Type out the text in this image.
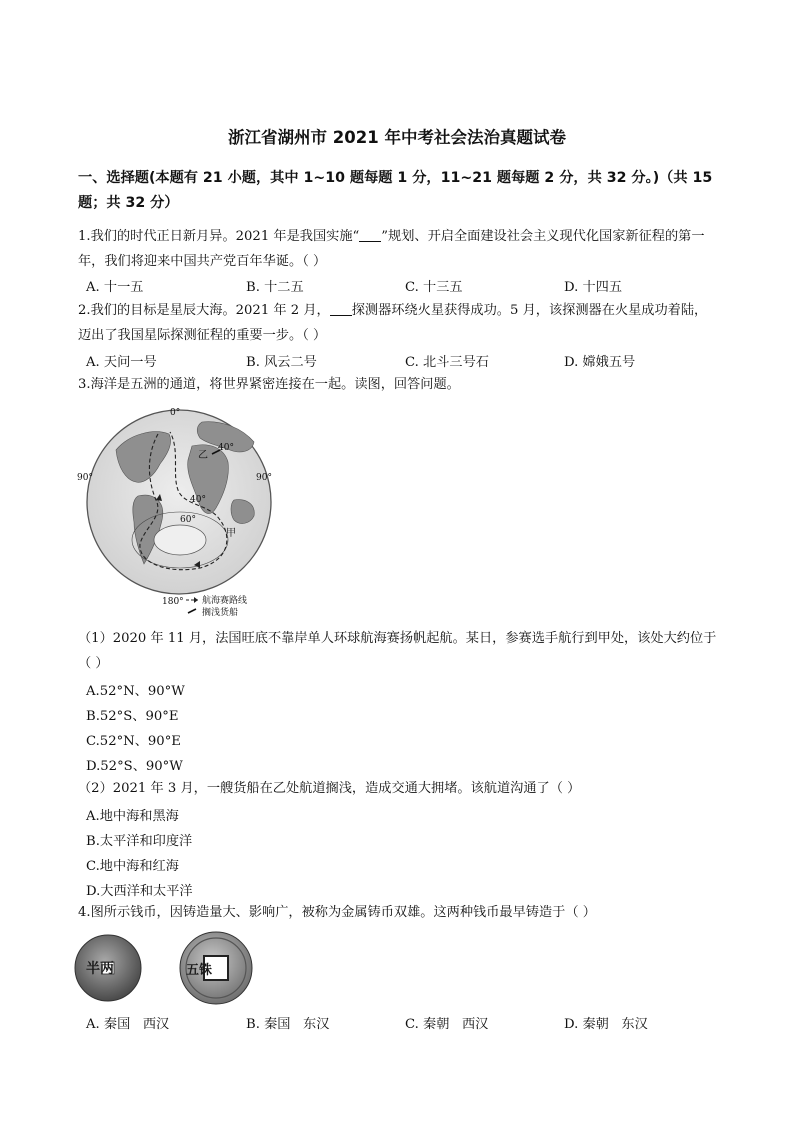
浙江省湖州市 2021 年中考社会法治真题试卷
一、选择题(本题有 21 小题，其中 1~10 题每题 1 分，11~21 题每题 2 分，共 32 分。)（共 15 题；共 32 分）
1.我们的时代正日新月异。2021 年是我国实施“ ”规划、开启全面建设社会主义现代化国家新征程的第一年，我们将迎来中国共产党百年华诞。（ ）
A. 十一五	B. 十二五	C. 十三五	D. 十四五
2.我们的目标是星辰大海。2021 年 2 月， 探测器环绕火星获得成功。5 月，该探测器在火星成功着陆，迈出了我国星际探测征程的重要一步。（ ）
A. 天问一号	B. 风云二号	C. 北斗三号石	D. 嫦娥五号
3.海洋是五洲的通道，将世界紧密连接在一起。读图，回答问题。
0°
40°
90°	90°
40°
60°
180°
乙
甲
航海赛路线
搁浅货船
（1）2020 年 11 月，法国旺底不靠岸单人环球航海赛扬帆起航。某日，参赛选手航行到甲处，该处大约位于（ ）
A.52°N、90°W
B.52°S、90°E
C.52°N、90°E
D.52°S、90°W
（2）2021 年 3 月，一艘货船在乙处航道搁浅，造成交通大拥堵。该航道沟通了（ ）
A.地中海和黑海
B.太平洋和印度洋
C.地中海和红海
D.大西洋和太平洋
4.图所示钱币，因铸造量大、影响广，被称为金属铸币双雄。这两种钱币最早铸造于（ ）
半两	五铢
A. 秦国   西汉	B. 秦国   东汉	C. 秦朝   西汉	D. 秦朝   东汉
